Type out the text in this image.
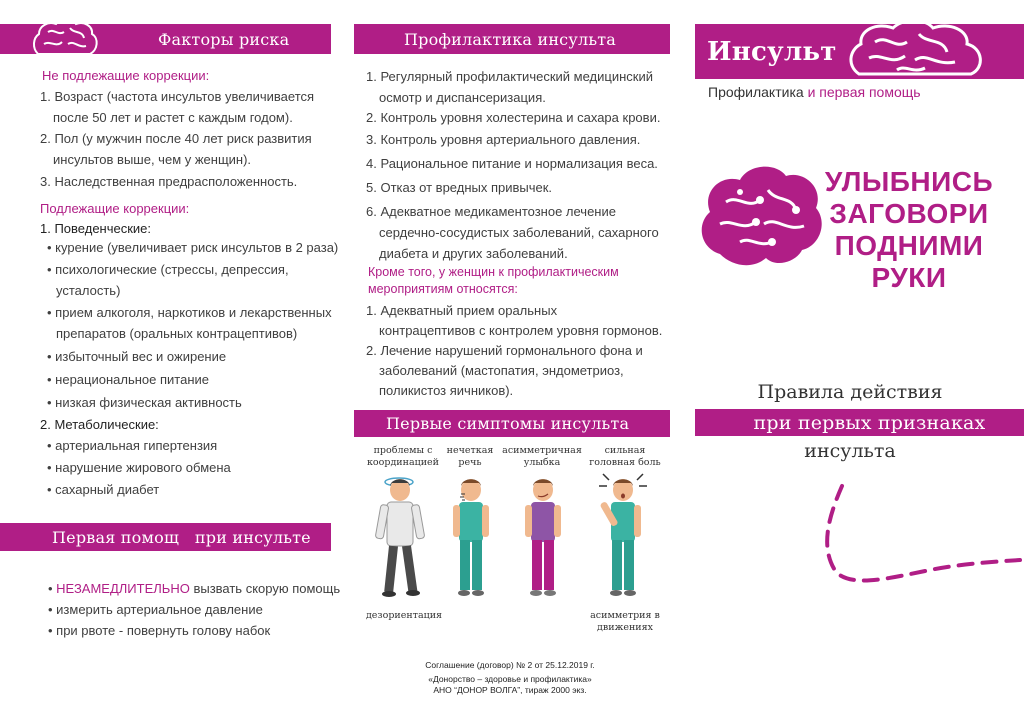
Факторы риска
Не подлежащие коррекции:
1. Возраст (частота инсультов увеличивается
после 50 лет и растет с каждым годом).
2. Пол (у мужчин после 40 лет риск развития
инсультов выше, чем у женщин).
3. Наследственная предрасположенность.
Подлежащие коррекции:
1. Поведенческие:
• курение (увеличивает риск инсультов в 2 раза)
• психологические (стрессы, депрессия,
усталость)
• прием алкоголя, наркотиков и лекарственных
препаратов (оральных контрацептивов)
• избыточный вес и ожирение
• нерациональное питание
• низкая физическая активность
2. Метаболические:
• артериальная гипертензия
• нарушение жирового обмена
• сахарный диабет
Первая помощ   при инсульте
• НЕЗАМЕДЛИТЕЛЬНО вызвать скорую помощь
• измерить артериальное давление
• при рвоте - повернуть голову набок
Профилактика инсульта
1. Регулярный профилактический медицинский
осмотр и диспансеризация.
2. Контроль уровня холестерина и сахара крови.
3. Контроль уровня артериального давления.
4. Рациональное питание и нормализация веса.
5. Отказ от вредных привычек.
6. Адекватное медикаментозное лечение
сердечно-сосудистых заболеваний, сахарного
диабета и других заболеваний.
Кроме того, у женщин к профилактическим
мероприятиям относятся:
1. Адекватный прием оральных
контрацептивов с контролем уровня гормонов.
2. Лечение нарушений гормонального фона и
заболеваний (мастопатия, эндометриоз,
поликистоз яичников).
Первые симптомы инсульта
проблемы с
координацией
нечеткая
речь
асимметричная
улыбка
сильная
головная боль
дезориентация	асимметрия в
движениях
Соглашение (договор) № 2 от 25.12.2019 г.
«Донорство – здоровье и профилактика»
АНО “ДОНОР ВОЛГА”, тираж 2000 экз.
Инсульт
Профилактика и первая помощь
УЛЫБНИСЬ
ЗАГОВОРИ
ПОДНИМИ
РУКИ
Правила действия
при первых признаках
инсульта
